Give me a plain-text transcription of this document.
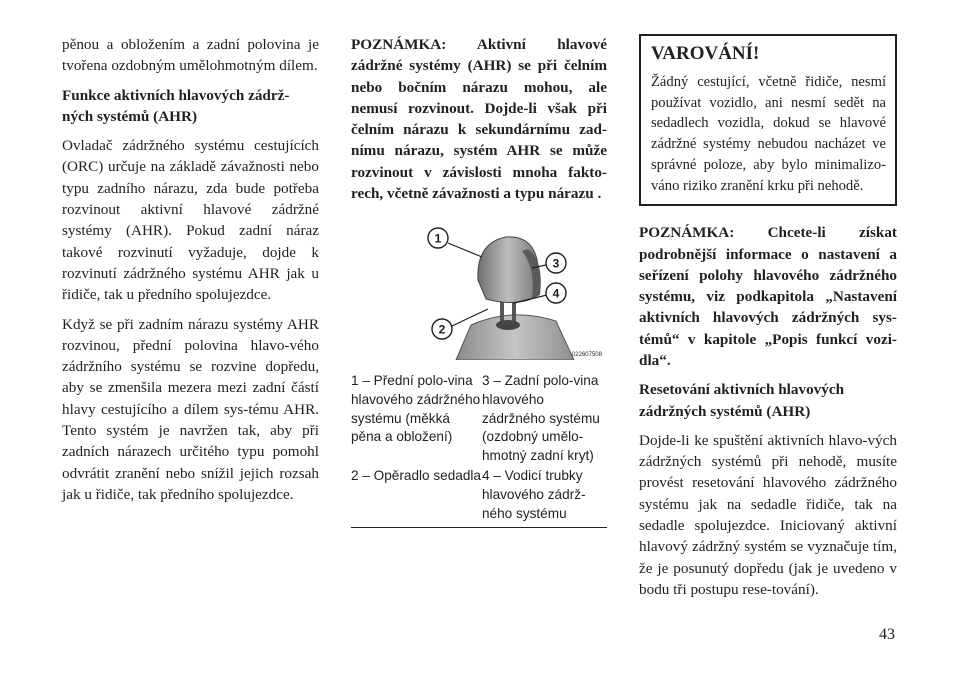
pěnou a obložením a zadní polovina je tvořena ozdobným umělohmotným dílem.

Funkce aktivních hlavových zádrž-ných systémů (AHR)

Ovladač zádržného systému cestujících (ORC) určuje na základě závažnosti nebo typu zadního nárazu, zda bude potřeba rozvinout aktivní hlavové zádržné systémy (AHR). Pokud zadní náraz takové rozvinutí vyžaduje, dojde k rozvinutí zádržného systému AHR jak u řidiče, tak u předního spolujezdce.

Když se při zadním nárazu systémy AHR rozvinou, přední polovina hlavo-vého zádržního systému se rozvine dopředu, aby se zmenšila mezera mezi zadní částí hlavy cestujícího a dílem sys-tému AHR. Tento systém je navržen tak, aby při zadních nárazech určitého typu pomohl odvrátit zranění nebo snížil jejich rozsah jak u řidiče, tak předního spolujezdce.

POZNÁMKA: Aktivní hlavové zádržné systémy (AHR) se při čelním nebo bočním nárazu mohou, ale nemusí rozvinout. Dojde-li však při čelním nárazu k sekundárnímu zad-nímu nárazu, systém AHR se může rozvinout v závislosti mnoha fakto-rech, včetně závažnosti a typu nárazu .

1
2
3
4
022607508
1 – Přední polo-vina hlavového zádržného systému (měkká pěna a obložení)	3 – Zadní polo-vina hlavového zádržného systému (ozdobný umělo-hmotný zadní kryt)
2 – Opěradlo sedadla	4 – Vodicí trubky hlavového zádrž-ného systému
VAROVÁNÍ!

Žádný cestující, včetně řidiče, nesmí používat vozidlo, ani nesmí sedět na sedadlech vozidla, dokud se hlavové zádržné systémy nebudou nacházet ve správné poloze, aby bylo minimalizo-váno riziko zranění krku při nehodě.

POZNÁMKA: Chcete-li získat podrobnější informace o nastavení a seřízení polohy hlavového zádržného systému, viz podkapitola „Nastavení aktivních hlavových zádržných sys-témů“ v kapitole „Popis funkcí vozi-dla“.

Resetování aktivních hlavových zádržných systémů (AHR)

Dojde-li ke spuštění aktivních hlavo-vých zádržných systémů při nehodě, musíte provést resetování hlavového zádržného systému jak na sedadle řidiče, tak na sedadle spolujezdce. Iniciovaný aktivní hlavový zádržný systém se vyznačuje tím, že je posunutý dopředu (jak je uvedeno v bodu tři postupu rese-tování).

43
